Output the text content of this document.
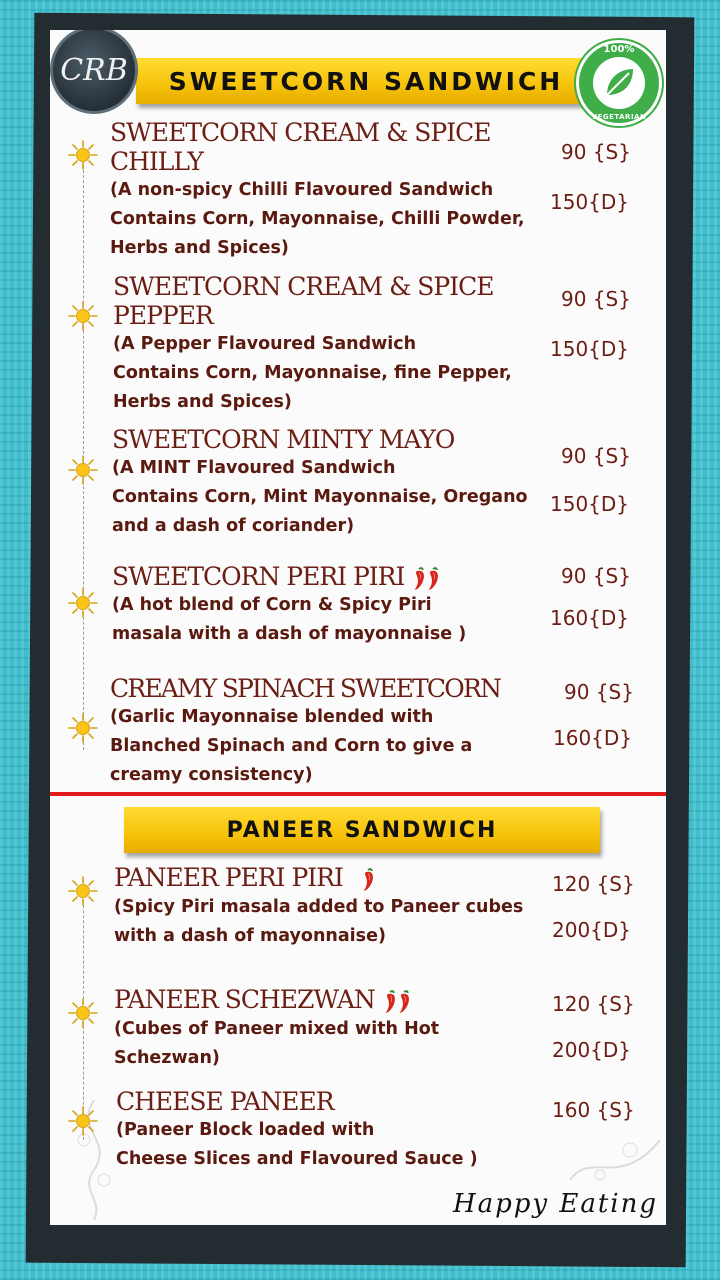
SWEETCORN SANDWICH
CRB
100%
VEGETARIAN
SWEETCORN CREAM & SPICE CHILLY
(A non-spicy Chilli Flavoured Sandwich
Contains Corn, Mayonnaise, Chilli Powder,
Herbs and Spices)
90 {S}
150{D}
SWEETCORN CREAM & SPICE PEPPER
(A Pepper Flavoured Sandwich
Contains Corn, Mayonnaise, fine Pepper,
Herbs and Spices)
90 {S}
150{D}
SWEETCORN MINTY MAYO
(A MINT Flavoured Sandwich
Contains Corn, Mint Mayonnaise, Oregano
and a dash of coriander)
90 {S}
150{D}
SWEETCORN PERI PIRI
(A hot blend of Corn & Spicy Piri
masala with a dash of mayonnaise )
90 {S}
160{D}
CREAMY SPINACH SWEETCORN
(Garlic Mayonnaise blended with
Blanched Spinach and Corn to give a
creamy consistency)
90 {S}
160{D}
PANEER SANDWICH
PANEER PERI PIRI
(Spicy Piri masala added to Paneer cubes
with a dash of mayonnaise)
120 {S}
200{D}
PANEER SCHEZWAN
(Cubes of Paneer mixed with Hot
Schezwan)
120 {S}
200{D}
CHEESE PANEER
(Paneer Block loaded with
Cheese Slices and Flavoured Sauce )
160 {S}
Happy Eating
